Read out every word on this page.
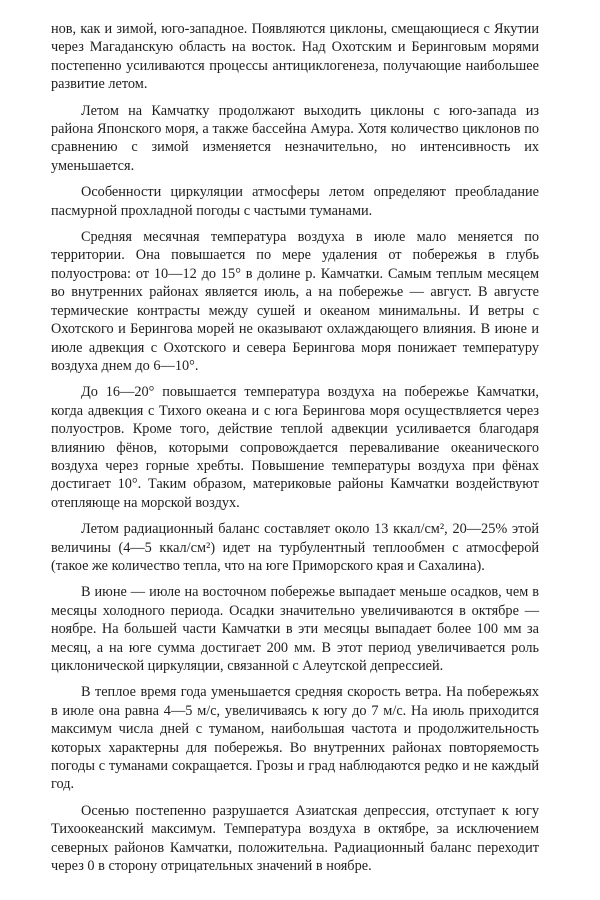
нов, как и зимой, юго-западное. Появляются циклоны, смещающиеся с Якутии через Магаданскую область на восток. Над Охотским и Беринговым морями постепенно усиливаются процессы антициклогенеза, получающие наибольшее развитие летом.

Летом на Камчатку продолжают выходить циклоны с юго-запада из района Японского моря, а также бассейна Амура. Хотя количество циклонов по сравнению с зимой изменяется незначительно, но интенсивность их уменьшается.

Особенности циркуляции атмосферы летом определяют преобладание пасмурной прохладной погоды с частыми туманами.

Средняя месячная температура воздуха в июле мало меняется по территории. Она повышается по мере удаления от побережья в глубь полуострова: от 10—12 до 15° в долине р. Камчатки. Самым теплым месяцем во внутренних районах является июль, а на побережье — август. В августе термические контрасты между сушей и океаном минимальны. И ветры с Охотского и Берингова морей не оказывают охлаждающего влияния. В июне и июле адвекция с Охотского и севера Берингова моря понижает температуру воздуха днем до 6—10°.

До 16—20° повышается температура воздуха на побережье Камчатки, когда адвекция с Тихого океана и с юга Берингова моря осуществляется через полуостров. Кроме того, действие теплой адвекции усиливается благодаря влиянию фёнов, которыми сопровождается переваливание океанического воздуха через горные хребты. Повышение температуры воздуха при фёнах достигает 10°. Таким образом, материковые районы Камчатки воздействуют отепляюще на морской воздух.

Летом радиационный баланс составляет около 13 ккал/см², 20—25% этой величины (4—5 ккал/см²) идет на турбулентный теплообмен с атмосферой (такое же количество тепла, что на юге Приморского края и Сахалина).

В июне — июле на восточном побережье выпадает меньше осадков, чем в месяцы холодного периода. Осадки значительно увеличиваются в октябре — ноябре. На большей части Камчатки в эти месяцы выпадает более 100 мм за месяц, а на юге сумма достигает 200 мм. В этот период увеличивается роль циклонической циркуляции, связанной с Алеутской депрессией.

В теплое время года уменьшается средняя скорость ветра. На побережьях в июле она равна 4—5 м/с, увеличиваясь к югу до 7 м/с. На июль приходится максимум числа дней с туманом, наибольшая частота и продолжительность которых характерны для побережья. Во внутренних районах повторяемость погоды с туманами сокращается. Грозы и град наблюдаются редко и не каждый год.

Осенью постепенно разрушается Азиатская депрессия, отступает к югу Тихоокеанский максимум. Температура воздуха в октябре, за исключением северных районов Камчатки, положительна. Радиационный баланс переходит через 0 в сторону отрицательных значений в ноябре.
